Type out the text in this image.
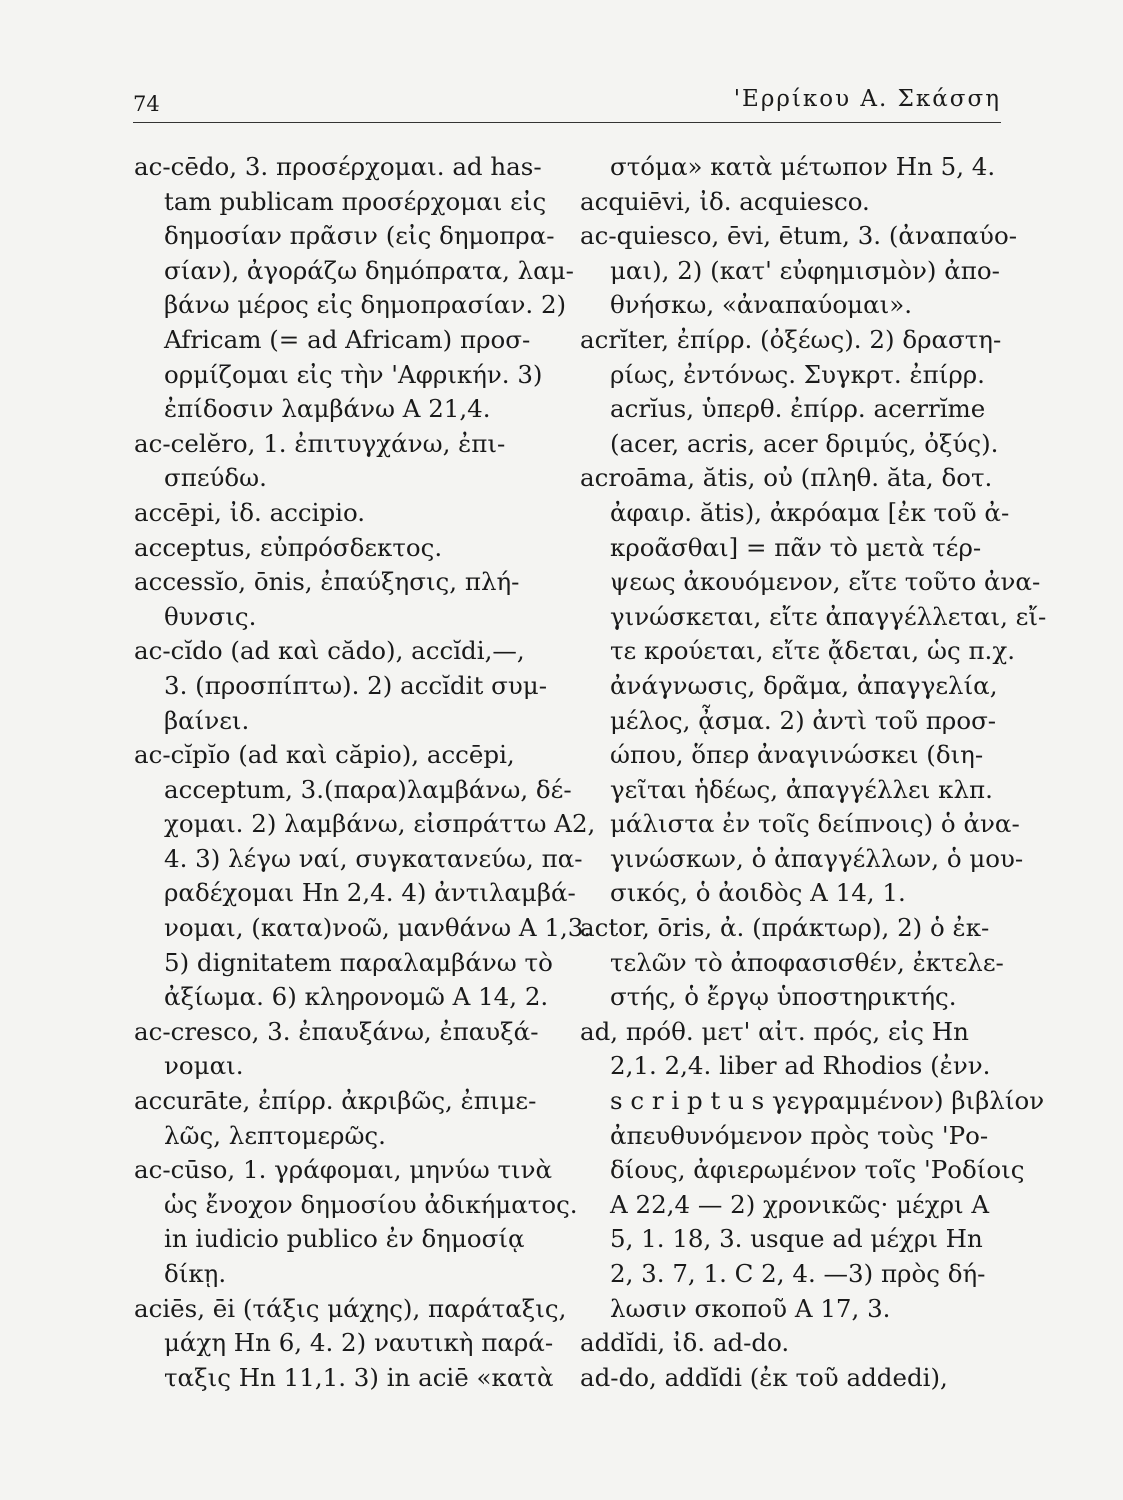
74	'Ερρίκου Α. Σκάσση
ac-cēdo, 3. προσέρχομαι. ad has-
tam publicam προσέρχομαι εἰς
δημοσίαν πρᾶσιν (εἰς δημοπρα-
σίαν), ἀγοράζω δημόπρατα, λαμ-
βάνω μέρος εἰς δημοπρασίαν. 2)
Africam (= ad Africam) προσ-
ορμίζομαι εἰς τὴν 'Αφρικήν. 3)
ἐπίδοσιν λαμβάνω Α 21,4.
ac-celĕro, 1. ἐπιτυγχάνω, ἐπι-
σπεύδω.
accēpi, ἰδ. accipio.
acceptus, εὐπρόσδεκτος.
accessĭo, ōnis, ἐπαύξησις, πλή-
θυνσις.
ac-cĭdo (ad καὶ cădo), accĭdi,—,
3. (προσπίπτω). 2) accĭdit συμ-
βαίνει.
ac-cĭpĭo (ad καὶ căpio), accēpi,
acceptum, 3.(παρα)λαμβάνω, δέ-
χομαι. 2) λαμβάνω, εἰσπράττω Α2,
4. 3) λέγω ναί, συγκατανεύω, πα-
ραδέχομαι Ηn 2,4. 4) ἀντιλαμβά-
νομαι, (κατα)νοῶ, μανθάνω Α 1,3.
5) dignitatem παραλαμβάνω τὸ
ἀξίωμα. 6) κληρονομῶ Α 14, 2.
ac-cresco, 3. ἐπαυξάνω, ἐπαυξά-
νομαι.
accurāte, ἐπίρρ. ἀκριβῶς, ἐπιμε-
λῶς, λεπτομερῶς.
ac-cūso, 1. γράφομαι, μηνύω τινὰ
ὡς ἔνοχον δημοσίου ἀδικήματος.
in iudicio publico ἐν δημοσίᾳ
δίκῃ.
aciēs, ēi (τάξις μάχης), παράταξις,
μάχη Ηn 6, 4. 2) ναυτικὴ παρά-
ταξις Ηn 11,1. 3) in aciē «κατὰ
στόμα» κατὰ μέτωπον Ηn 5, 4.
acquiēvi, ἰδ. acquiesco.
ac-quiesco, ēvi, ētum, 3. (ἀναπαύο-
μαι), 2) (κατ' εὐφημισμὸν) ἀπο-
θνήσκω, «ἀναπαύομαι».
acrĭter, ἐπίρρ. (ὀξέως). 2) δραστη-
ρίως, ἐντόνως. Συγκρτ. ἐπίρρ.
acrĭus, ὑπερθ. ἐπίρρ. acerrĭme
(acer, acris, acer δριμύς, ὀξύς).
acroāma, ătis, οὐ (πληθ. ăta, δοτ.
ἀφαιρ. ătis), ἀκρόαμα [ἐκ τοῦ ἀ-
κροᾶσθαι] = πᾶν τὸ μετὰ τέρ-
ψεως ἀκουόμενον, εἴτε τοῦτο ἀνα-
γινώσκεται, εἴτε ἀπαγγέλλεται, εἴ-
τε κρούεται, εἴτε ᾄδεται, ὡς π.χ.
ἀνάγνωσις, δρᾶμα, ἀπαγγελία,
μέλος, ᾆσμα. 2) ἀντὶ τοῦ προσ-
ώπου, ὅπερ ἀναγινώσκει (διη-
γεῖται ἡδέως, ἀπαγγέλλει κλπ.
μάλιστα ἐν τοῖς δείπνοις) ὁ ἀνα-
γινώσκων, ὁ ἀπαγγέλλων, ὁ μου-
σικός, ὁ ἀοιδὸς Α 14, 1.
actor, ōris, ἀ. (πράκτωρ), 2) ὁ ἐκ-
τελῶν τὸ ἀποφασισθέν, ἐκτελε-
στής, ὁ ἔργῳ ὑποστηρικτής.
ad, πρόθ. μετ' αἰτ. πρός, εἰς Ηn
2,1. 2,4. liber ad Rhodios (ἐνν.
s c r i p t u s γεγραμμένον) βιβλίον
ἀπευθυνόμενον πρὸς τοὺς 'Ρο-
δίους, ἀφιερωμένον τοῖς 'Ροδίοις
Α 22,4 — 2) χρονικῶς· μέχρι Α
5, 1. 18, 3. usque ad μέχρι Ηn
2, 3. 7, 1. C 2, 4. —3) πρὸς δή-
λωσιν σκοποῦ Α 17, 3.
addĭdi, ἰδ. ad-do.
ad-do, addĭdi (ἐκ τοῦ addedi),
